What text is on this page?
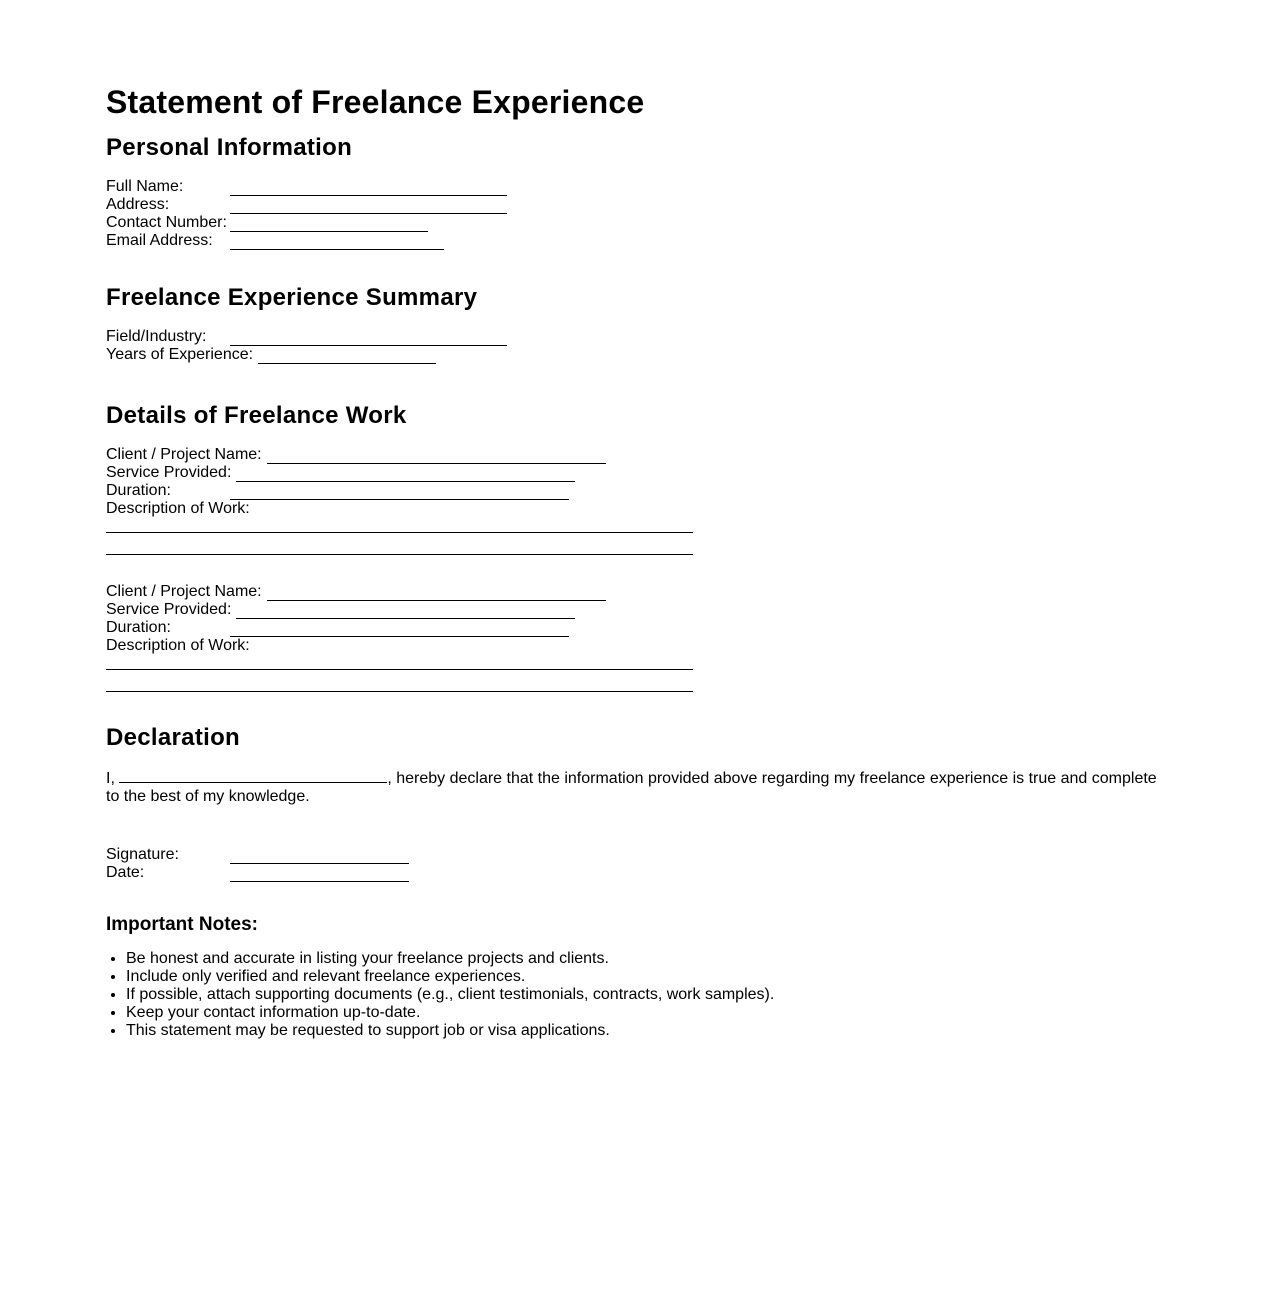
Statement of Freelance Experience
Personal Information
Full Name:
Address:
Contact Number:
Email Address:
Freelance Experience Summary
Field/Industry:
Years of Experience:
Details of Freelance Work
Client / Project Name:
Service Provided:
Duration:
Description of Work:
Client / Project Name:
Service Provided:
Duration:
Description of Work:
Declaration
I,	, hereby declare that the information provided above regarding my freelance experience is true and complete to the best of my knowledge.
Signature:
Date:
Important Notes:
• Be honest and accurate in listing your freelance projects and clients.
• Include only verified and relevant freelance experiences.
• If possible, attach supporting documents (e.g., client testimonials, contracts, work samples).
• Keep your contact information up-to-date.
• This statement may be requested to support job or visa applications.
